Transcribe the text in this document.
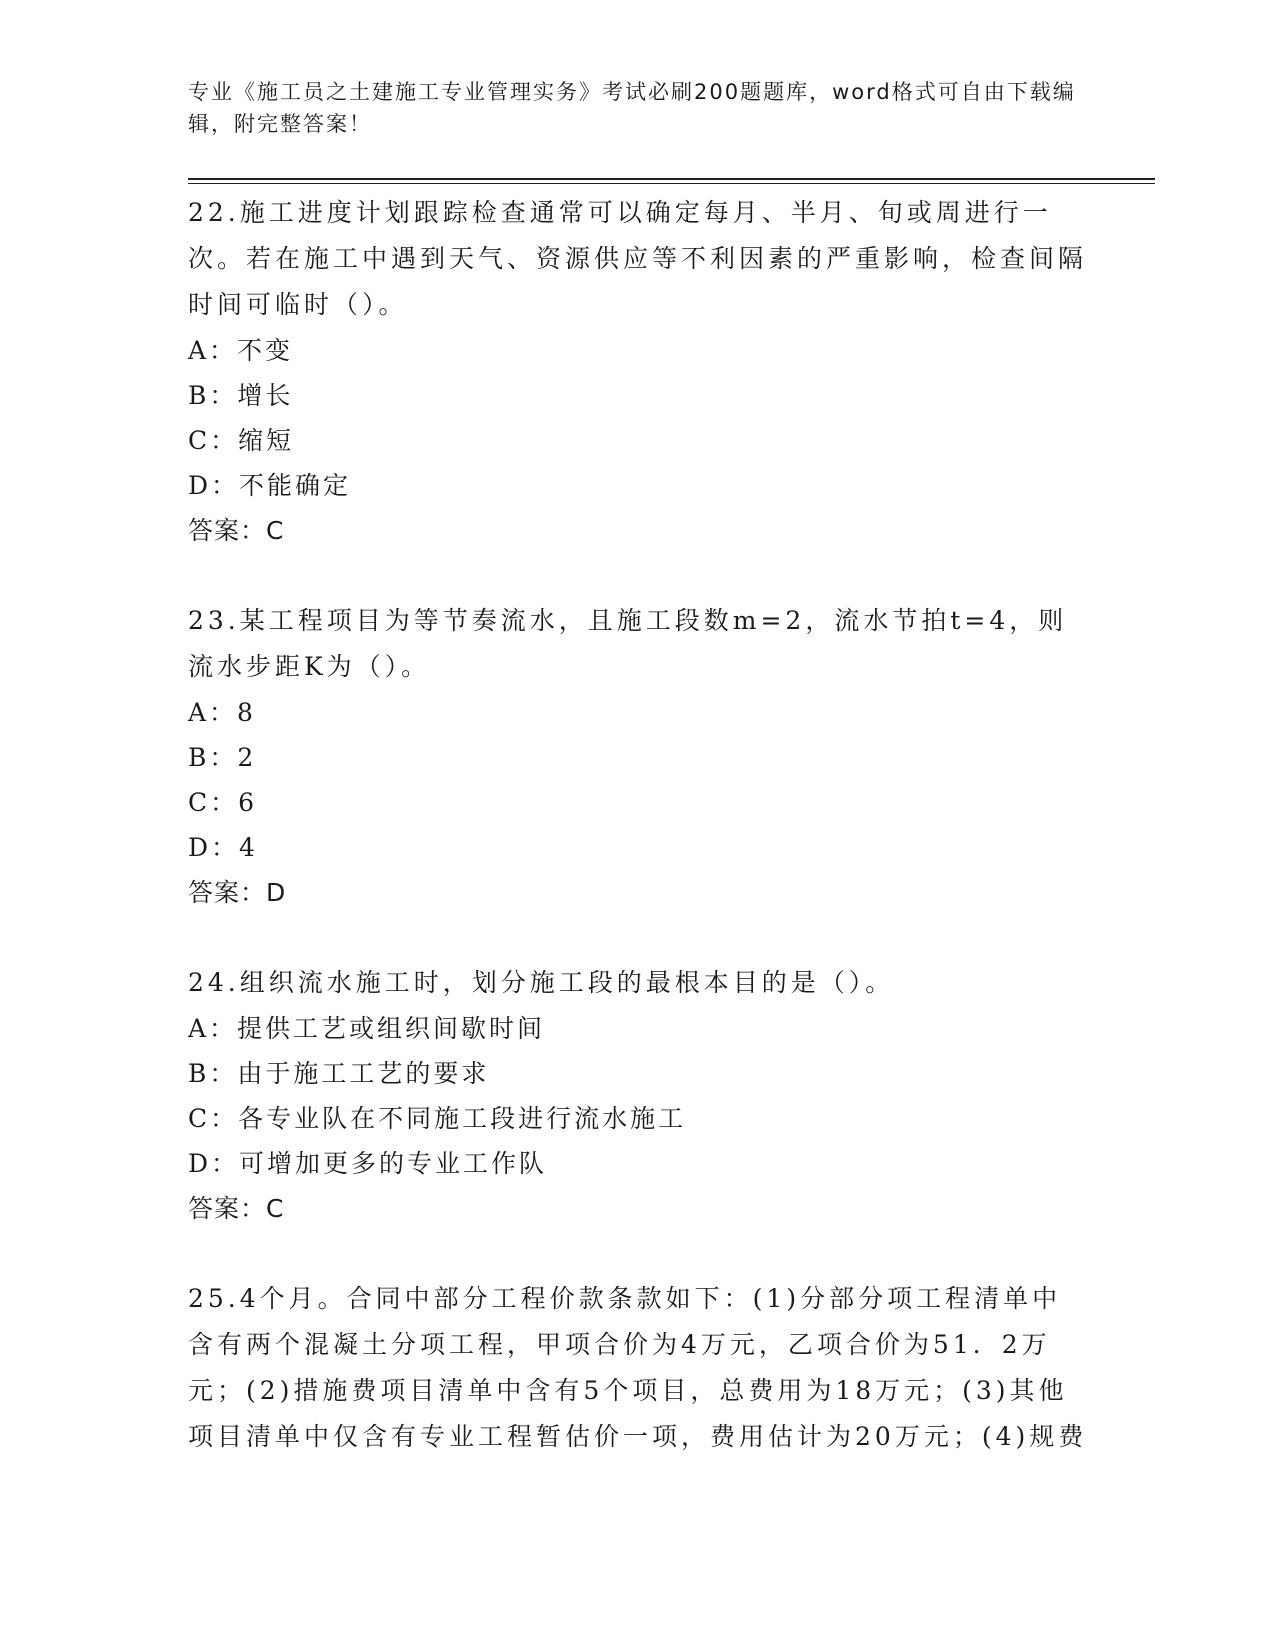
专业《施工员之土建施工专业管理实务》考试必刷200题题库，word格式可自由下载编辑，附完整答案！

22.施工进度计划跟踪检查通常可以确定每月、半月、旬或周进行一次。若在施工中遇到天气、资源供应等不利因素的严重影响，检查间隔时间可临时（）。

A：不变

B：增长

C：缩短

D：不能确定

答案：C

23.某工程项目为等节奏流水，且施工段数m=2，流水节拍t=4，则流水步距K为（）。

A：8

B：2

C：6

D：4

答案：D

24.组织流水施工时，划分施工段的最根本目的是（）。

A：提供工艺或组织间歇时间

B：由于施工工艺的要求

C：各专业队在不同施工段进行流水施工

D：可增加更多的专业工作队

答案：C

25.4个月。合同中部分工程价款条款如下：(1)分部分项工程清单中含有两个混凝土分项工程，甲项合价为4万元，乙项合价为51．2万元；(2)措施费项目清单中含有5个项目，总费用为18万元；(3)其他项目清单中仅含有专业工程暂估价一项，费用估计为20万元；(4)规费
